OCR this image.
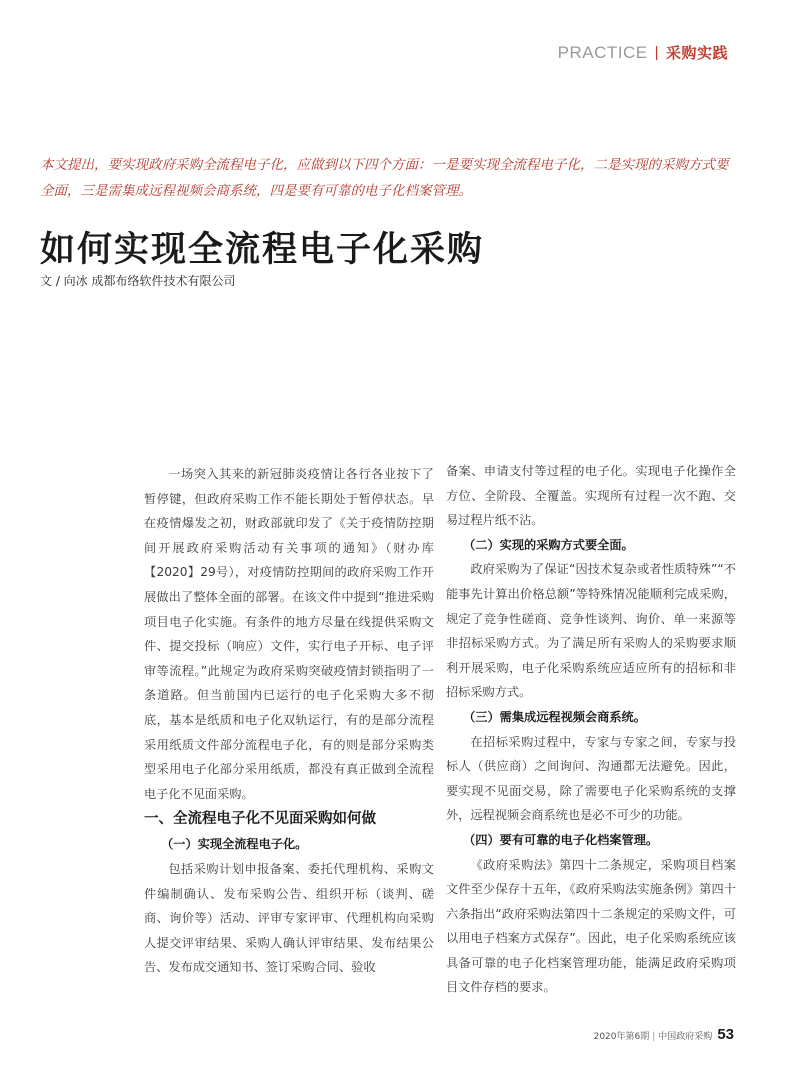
PRACTICE | 采购实践
本文提出，要实现政府采购全流程电子化，应做到以下四个方面：一是要实现全流程电子化，二是实现的采购方式要全面，三是需集成远程视频会商系统，四是要有可靠的电子化档案管理。
如何实现全流程电子化采购
文 / 向冰 成都布络软件技术有限公司

一场突入其来的新冠肺炎疫情让各行各业按下了暂停键，但政府采购工作不能长期处于暂停状态。早在疫情爆发之初，财政部就印发了《关于疫情防控期间开展政府采购活动有关事项的通知》（财办库【2020】29号），对疫情防控期间的政府采购工作开展做出了整体全面的部署。在该文件中提到“推进采购项目电子化实施。有条件的地方尽量在线提供采购文件、提交投标（响应）文件，实行电子开标、电子评审等流程。”此规定为政府采购突破疫情封锁指明了一条道路。但当前国内已运行的电子化采购大多不彻底，基本是纸质和电子化双轨运行，有的是部分流程采用纸质文件部分流程电子化，有的则是部分采购类型采用电子化部分采用纸质，都没有真正做到全流程电子化不见面采购。

一、全流程电子化不见面采购如何做

（一）实现全流程电子化。

包括采购计划申报备案、委托代理机构、采购文件编制确认、发布采购公告、组织开标（谈判、磋商、询价等）活动、评审专家评审、代理机构向采购人提交评审结果、采购人确认评审结果、发布结果公告、发布成交通知书、签订采购合同、验收

备案、申请支付等过程的电子化。实现电子化操作全方位、全阶段、全覆盖。实现所有过程一次不跑、交易过程片纸不沾。

（二）实现的采购方式要全面。

政府采购为了保证“因技术复杂或者性质特殊”“不能事先计算出价格总额”等特殊情况能顺利完成采购，规定了竞争性磋商、竞争性谈判、询价、单一来源等非招标采购方式。为了满足所有采购人的采购要求顺利开展采购，电子化采购系统应适应所有的招标和非招标采购方式。

（三）需集成远程视频会商系统。

在招标采购过程中，专家与专家之间，专家与投标人（供应商）之间询问、沟通都无法避免。因此，要实现不见面交易，除了需要电子化采购系统的支撑外，远程视频会商系统也是必不可少的功能。

（四）要有可靠的电子化档案管理。

《政府采购法》第四十二条规定，采购项目档案文件至少保存十五年，《政府采购法实施条例》第四十六条指出“政府采购法第四十二条规定的采购文件，可以用电子档案方式保存”。因此，电子化采购系统应该具备可靠的电子化档案管理功能，能满足政府采购项目文件存档的要求。

2020年第6期 | 中国政府采购 53
